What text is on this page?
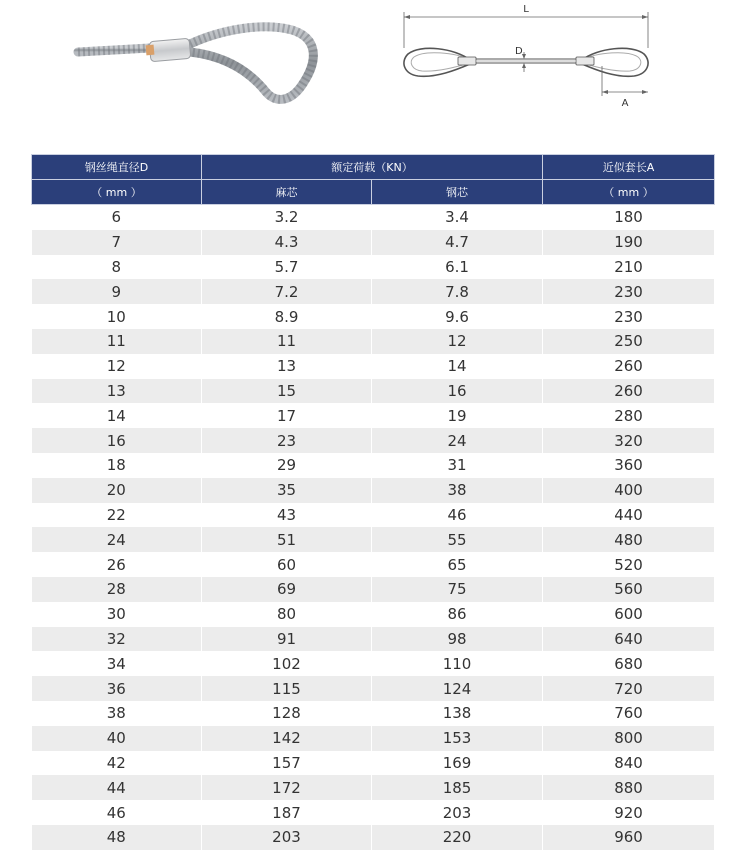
L
D
A
钢丝绳直径D	额定荷载（KN）		近似套长A
（ mm ）	麻芯	钢芯	（ mm ）
6	3.2	3.4	180
7	4.3	4.7	190
8	5.7	6.1	210
9	7.2	7.8	230
10	8.9	9.6	230
11	11	12	250
12	13	14	260
13	15	16	260
14	17	19	280
16	23	24	320
18	29	31	360
20	35	38	400
22	43	46	440
24	51	55	480
26	60	65	520
28	69	75	560
30	80	86	600
32	91	98	640
34	102	110	680
36	115	124	720
38	128	138	760
40	142	153	800
42	157	169	840
44	172	185	880
46	187	203	920
48	203	220	960
